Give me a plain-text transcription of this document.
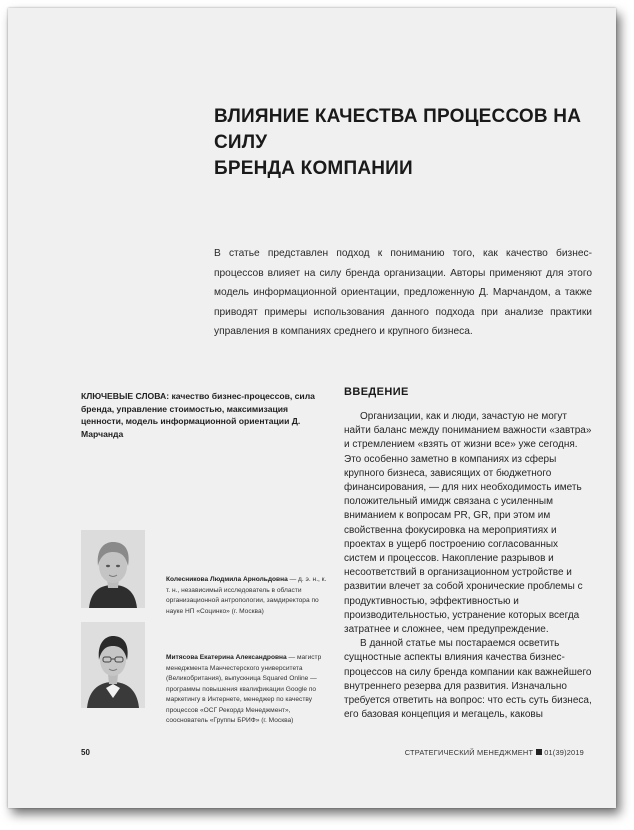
ВЛИЯНИЕ КАЧЕСТВА ПРОЦЕССОВ НА СИЛУ
БРЕНДА КОМПАНИИ

В статье представлен подход к пониманию того, как качество бизнес-процессов влияет на силу бренда организации. Авторы применяют для этого модель информационной ориентации, предложенную Д. Марчандом, а также приводят примеры использования данного подхода при анализе практики управления в компаниях среднего и крупного бизнеса.

КЛЮЧЕВЫЕ СЛОВА: качество бизнес-процессов, сила бренда, управление стоимостью, максимизация ценности, модель информационной ориентации Д. Марчанда

ВВЕДЕНИЕ

Организации, как и люди, зачастую не могут найти баланс между пониманием важности «завтра» и стремлением «взять от жизни все» уже сегодня. Это особенно заметно в компаниях из сферы крупного бизнеса, зависящих от бюджетного финансирования, — для них необходимость иметь положительный имидж связана с усиленным вниманием к вопросам PR, GR, при этом им свойственна фокусировка на мероприятиях и проектах в ущерб построению согласованных систем и процессов. Накопление разрывов и несоответствий в организационном устройстве и развитии влечет за собой хронические проблемы с продуктивностью, эффективностью и производительностью, устранение которых всегда затратнее и сложнее, чем предупреждение.

В данной статье мы постараемся осветить сущностные аспекты влияния качества бизнес-процессов на силу бренда компании как важнейшего внутреннего резерва для развития. Изначально требуется ответить на вопрос: что есть суть бизнеса, его базовая концепция и мегацель, каковы

Колесникова Людмила Арнольдовна — д. э. н., к. т. н., независимый исследователь в области организационной антропологии, замдиректора по науке НП «Социнко» (г. Москва)

Митясова Екатерина Александровна — магистр менеджмента Манчестерского университета (Великобритания), выпускница Squared Online — программы повышения квалификации Google по маркетингу в Интернете, менеджер по качеству процессов «ОСГ Рекордз Менеджмент», сооснователь «Группы БРИФ» (г. Москва)

50	СТРАТЕГИЧЕСКИЙ МЕНЕДЖМЕНТ 01(39)2019
